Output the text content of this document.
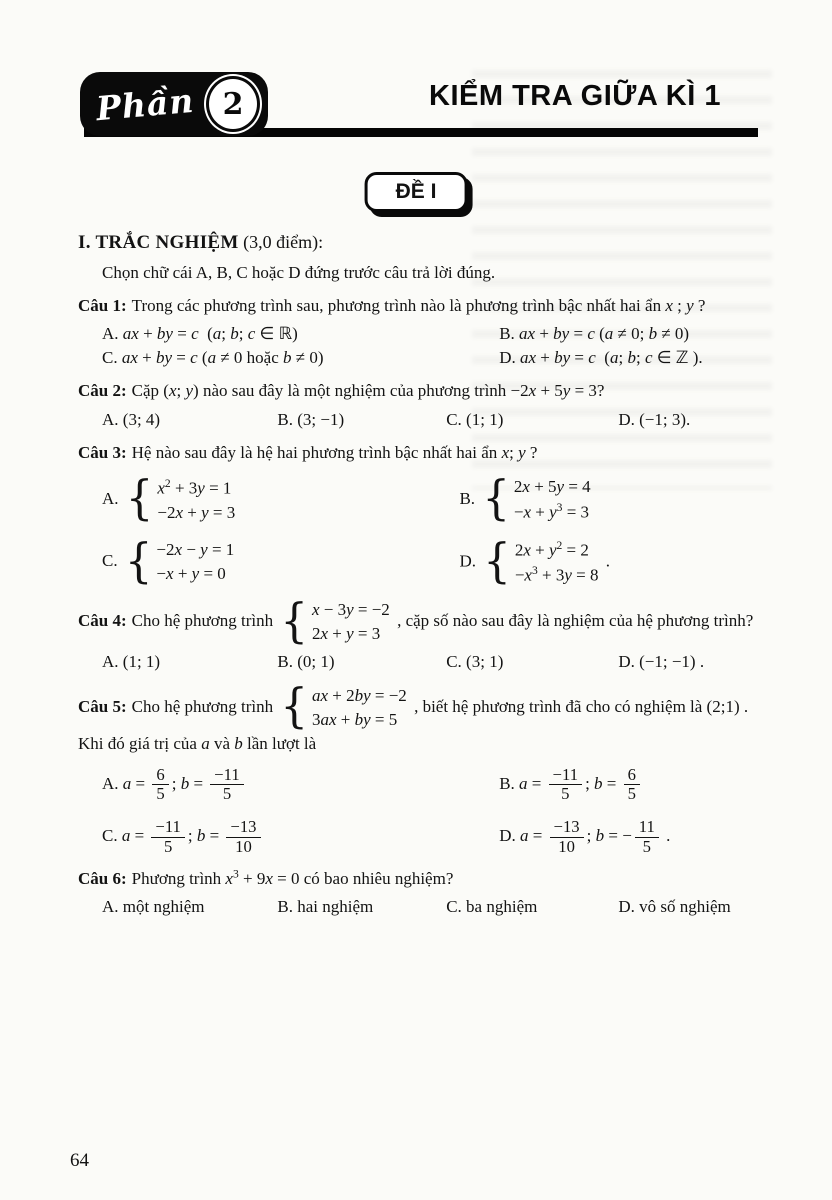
Phần 2	KIỂM TRA GIỮA KÌ 1
ĐỀ I
I. TRẮC NGHIỆM (3,0 điểm):
Chọn chữ cái A, B, C hoặc D đứng trước câu trả lời đúng.

Câu 1: Trong các phương trình sau, phương trình nào là phương trình bậc nhất hai ẩn x ; y ?

A. ax + by = c  (a; b; c ∈ ℝ)	B. ax + by = c (a ≠ 0; b ≠ 0)
C. ax + by = c (a ≠ 0 hoặc b ≠ 0)	D. ax + by = c  (a; b; c ∈ ℤ ).

Câu 2: Cặp (x; y) nào sau đây là một nghiệm của phương trình −2x + 5y = 3?

A. (3; 4)	B. (3; −1)	C. (1; 1)	D. (−1; 3).

Câu 3: Hệ nào sau đây là hệ hai phương trình bậc nhất hai ẩn x; y ?

A. { $x^2 + 3y = 1$
−2x + y = 3
B. { 2x + 5y = 4
$-x + y^3 = 3$
C. { −2x − y = 1
−x + y = 0
D. { $2x + y^2 = 2$
$-x^3 + 3y = 8$
.

Câu 4: Cho hệ phương trình { x − 3y = −2
2x + y = 3
, cặp số nào sau đây là nghiệm của hệ phương trình?

A. (1; 1)	B. (0; 1)	C. (3; 1)	D. (−1; −1) .

Câu 5: Cho hệ phương trình { ax + 2by = −2
3ax + by = 5
, biết hệ phương trình đã cho có nghiệm là (2;1) . Khi đó giá trị của a và b lần lượt là

A. $a = \frac{6}{5}$ ; $b = \frac{-11}{5}$	B. $a = \frac{-11}{5}$ ; $b = \frac{6}{5}$
C. $a = \frac{-11}{5}$ ; $b = \frac{-13}{10}$	D. $a = \frac{-13}{10}$ ; b = − $\frac{11}{5}$ .

Câu 6: Phương trình $x^3 + 9x = 0$ có bao nhiêu nghiệm?

A. một nghiệm	B. hai nghiệm	C. ba nghiệm	D. vô số nghiệm
64
